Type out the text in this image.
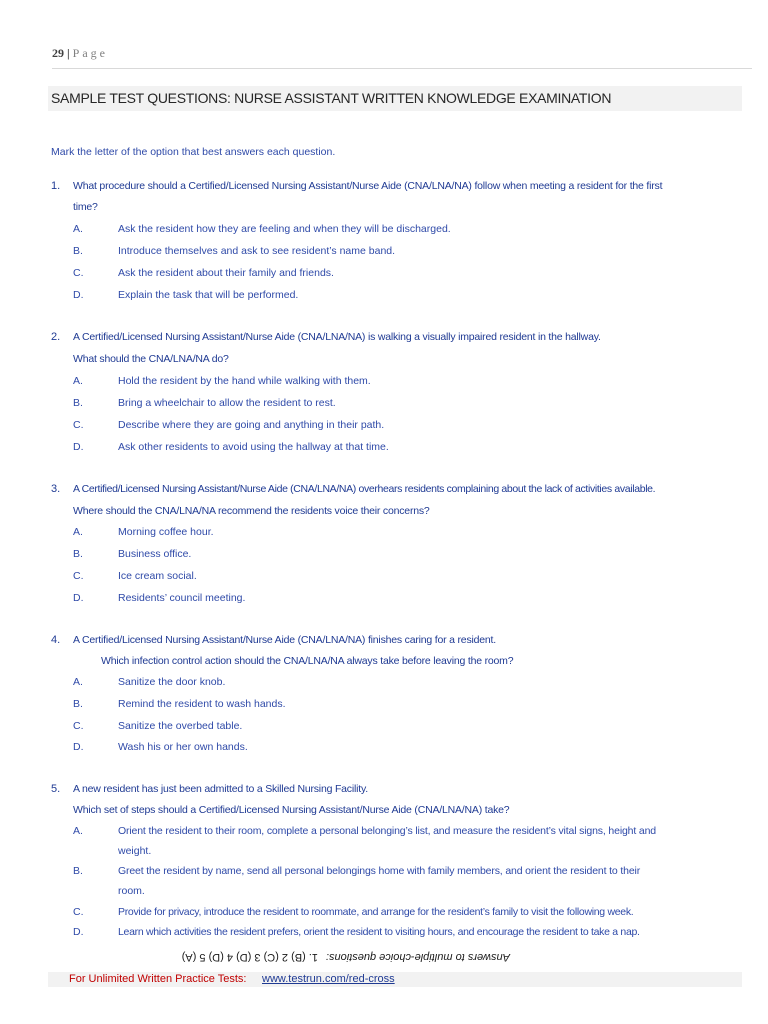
29 | Page
SAMPLE TEST QUESTIONS: NURSE ASSISTANT WRITTEN KNOWLEDGE EXAMINATION
Mark the letter of the option that best answers each question.
1. What procedure should a Certified/Licensed Nursing Assistant/Nurse Aide (CNA/LNA/NA) follow when meeting a resident for the first
time?
A.	Ask the resident how they are feeling and when they will be discharged.
B.	Introduce themselves and ask to see resident’s name band.
C.	Ask the resident about their family and friends.
D.	Explain the task that will be performed.
2. A Certified/Licensed Nursing Assistant/Nurse Aide (CNA/LNA/NA) is walking a visually impaired resident in the hallway.
What should the CNA/LNA/NA do?
A.	Hold the resident by the hand while walking with them.
B.	Bring a wheelchair to allow the resident to rest.
C.	Describe where they are going and anything in their path.
D.	Ask other residents to avoid using the hallway at that time.
3. A Certified/Licensed Nursing Assistant/Nurse Aide (CNA/LNA/NA) overhears residents complaining about the lack of activities available.
Where should the CNA/LNA/NA recommend the residents voice their concerns?
A.	Morning coffee hour.
B.	Business office.
C.	Ice cream social.
D.	Residents’ council meeting.
4. A Certified/Licensed Nursing Assistant/Nurse Aide (CNA/LNA/NA) finishes caring for a resident.
Which infection control action should the CNA/LNA/NA always take before leaving the room?
A.	Sanitize the door knob.
B.	Remind the resident to wash hands.
C.	Sanitize the overbed table.
D.	Wash his or her own hands.
5. A new resident has just been admitted to a Skilled Nursing Facility.
Which set of steps should a Certified/Licensed Nursing Assistant/Nurse Aide (CNA/LNA/NA) take?
A.	Orient the resident to their room, complete a personal belonging’s list, and measure the resident’s vital signs, height and
weight.
B.	Greet the resident by name, send all personal belongings home with family members, and orient the resident to their
room.
C.	Provide for privacy, introduce the resident to roommate, and arrange for the resident’s family to visit the following week.
D.	Learn which activities the resident prefers, orient the resident to visiting hours, and encourage the resident to take a nap.
Answers to multiple-choice questions:1. (B) 2 (C) 3 (D) 4 (D) 5 (A)
For Unlimited Written Practice Tests: www.testrun.com/red-cross
